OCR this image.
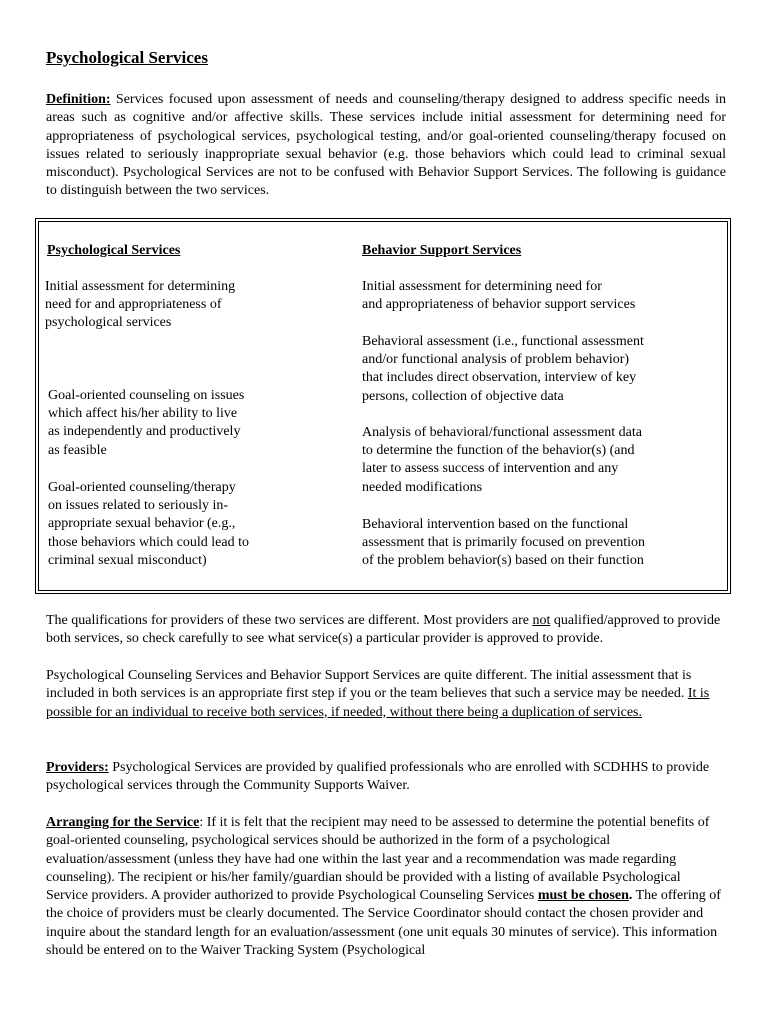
Psychological Services

Definition: Services focused upon assessment of needs and counseling/therapy designed to address specific needs in areas such as cognitive and/or affective skills. These services include initial assessment for determining need for appropriateness of psychological services, psychological testing, and/or goal-oriented counseling/therapy focused on issues related to seriously inappropriate sexual behavior (e.g. those behaviors which could lead to criminal sexual misconduct). Psychological Services are not to be confused with Behavior Support Services. The following is guidance to distinguish between the two services.

Psychological Services	Behavior Support Services

Initial assessment for determining
need for and appropriateness of
psychological services

Goal-oriented counseling on issues
which affect his/her ability to live
as independently and productively
as feasible

Goal-oriented counseling/therapy
on issues related to seriously in-
appropriate sexual behavior (e.g.,
those behaviors which could lead to
criminal sexual misconduct)

Initial assessment for determining need for
and appropriateness of behavior support services

Behavioral assessment (i.e., functional assessment
and/or functional analysis of problem behavior)
that includes direct observation, interview of key
persons, collection of objective data

Analysis of behavioral/functional assessment data
to determine the function of the behavior(s) (and
later to assess success of intervention and any
needed modifications

Behavioral intervention based on the functional
assessment that is primarily focused on prevention
of the problem behavior(s) based on their function

The qualifications for providers of these two services are different. Most providers are not qualified/approved to provide both services, so check carefully to see what service(s) a particular provider is approved to provide.

Psychological Counseling Services and Behavior Support Services are quite different. The initial assessment that is included in both services is an appropriate first step if you or the team believes that such a service may be needed. It is possible for an individual to receive both services, if needed, without there being a duplication of services.

Providers: Psychological Services are provided by qualified professionals who are enrolled with SCDHHS to provide psychological services through the Community Supports Waiver.

Arranging for the Service: If it is felt that the recipient may need to be assessed to determine the potential benefits of goal-oriented counseling, psychological services should be authorized in the form of a psychological evaluation/assessment (unless they have had one within the last year and a recommendation was made regarding counseling). The recipient or his/her family/guardian should be provided with a listing of available Psychological Service providers. A provider authorized to provide Psychological Counseling Services must be chosen. The offering of the choice of providers must be clearly documented. The Service Coordinator should contact the chosen provider and inquire about the standard length for an evaluation/assessment (one unit equals 30 minutes of service). This information should be entered on to the Waiver Tracking System (Psychological
